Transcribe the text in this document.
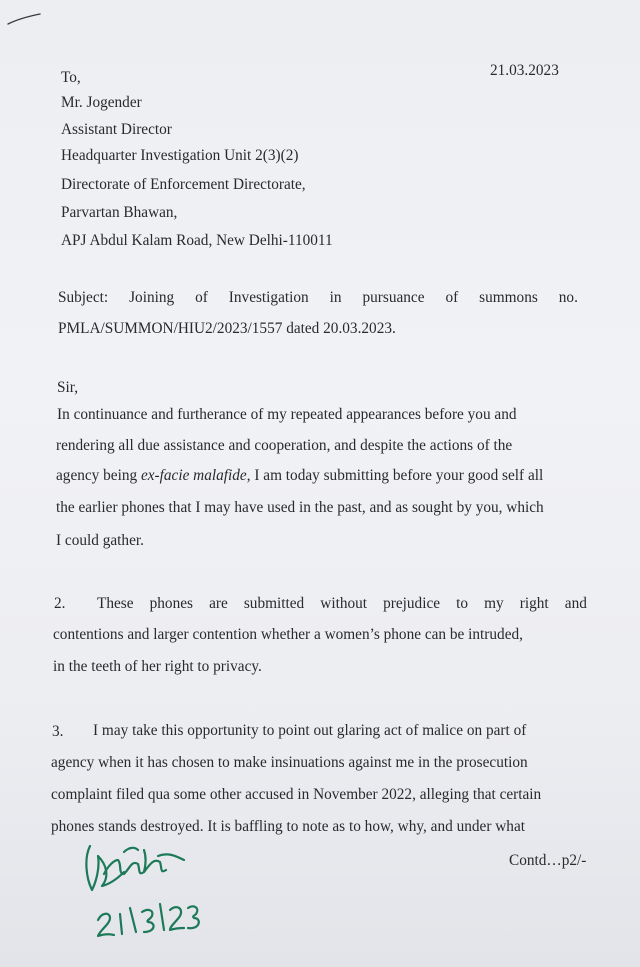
21.03.2023
To,
Mr. Jogender
Assistant Director
Headquarter Investigation Unit 2(3)(2)
Directorate of Enforcement Directorate,
Parvartan Bhawan,
APJ Abdul Kalam Road, New Delhi-110011
Subject: Joining of Investigation in pursuance of summons no.
PMLA/SUMMON/HIU2/2023/1557 dated 20.03.2023.
Sir,
In continuance and furtherance of my repeated appearances before you and
rendering all due assistance and cooperation, and despite the actions of the
agency being ex-facie malafide, I am today submitting before your good self all
the earlier phones that I may have used in the past, and as sought by you, which
I could gather.
2. These phones are submitted without prejudice to my right and
contentions and larger contention whether a women’s phone can be intruded,
in the teeth of her right to privacy.
3. I may take this opportunity to point out glaring act of malice on part of
agency when it has chosen to make insinuations against me in the prosecution
complaint filed qua some other accused in November 2022, alleging that certain
phones stands destroyed. It is baffling to note as to how, why, and under what
Contd…p2/-
